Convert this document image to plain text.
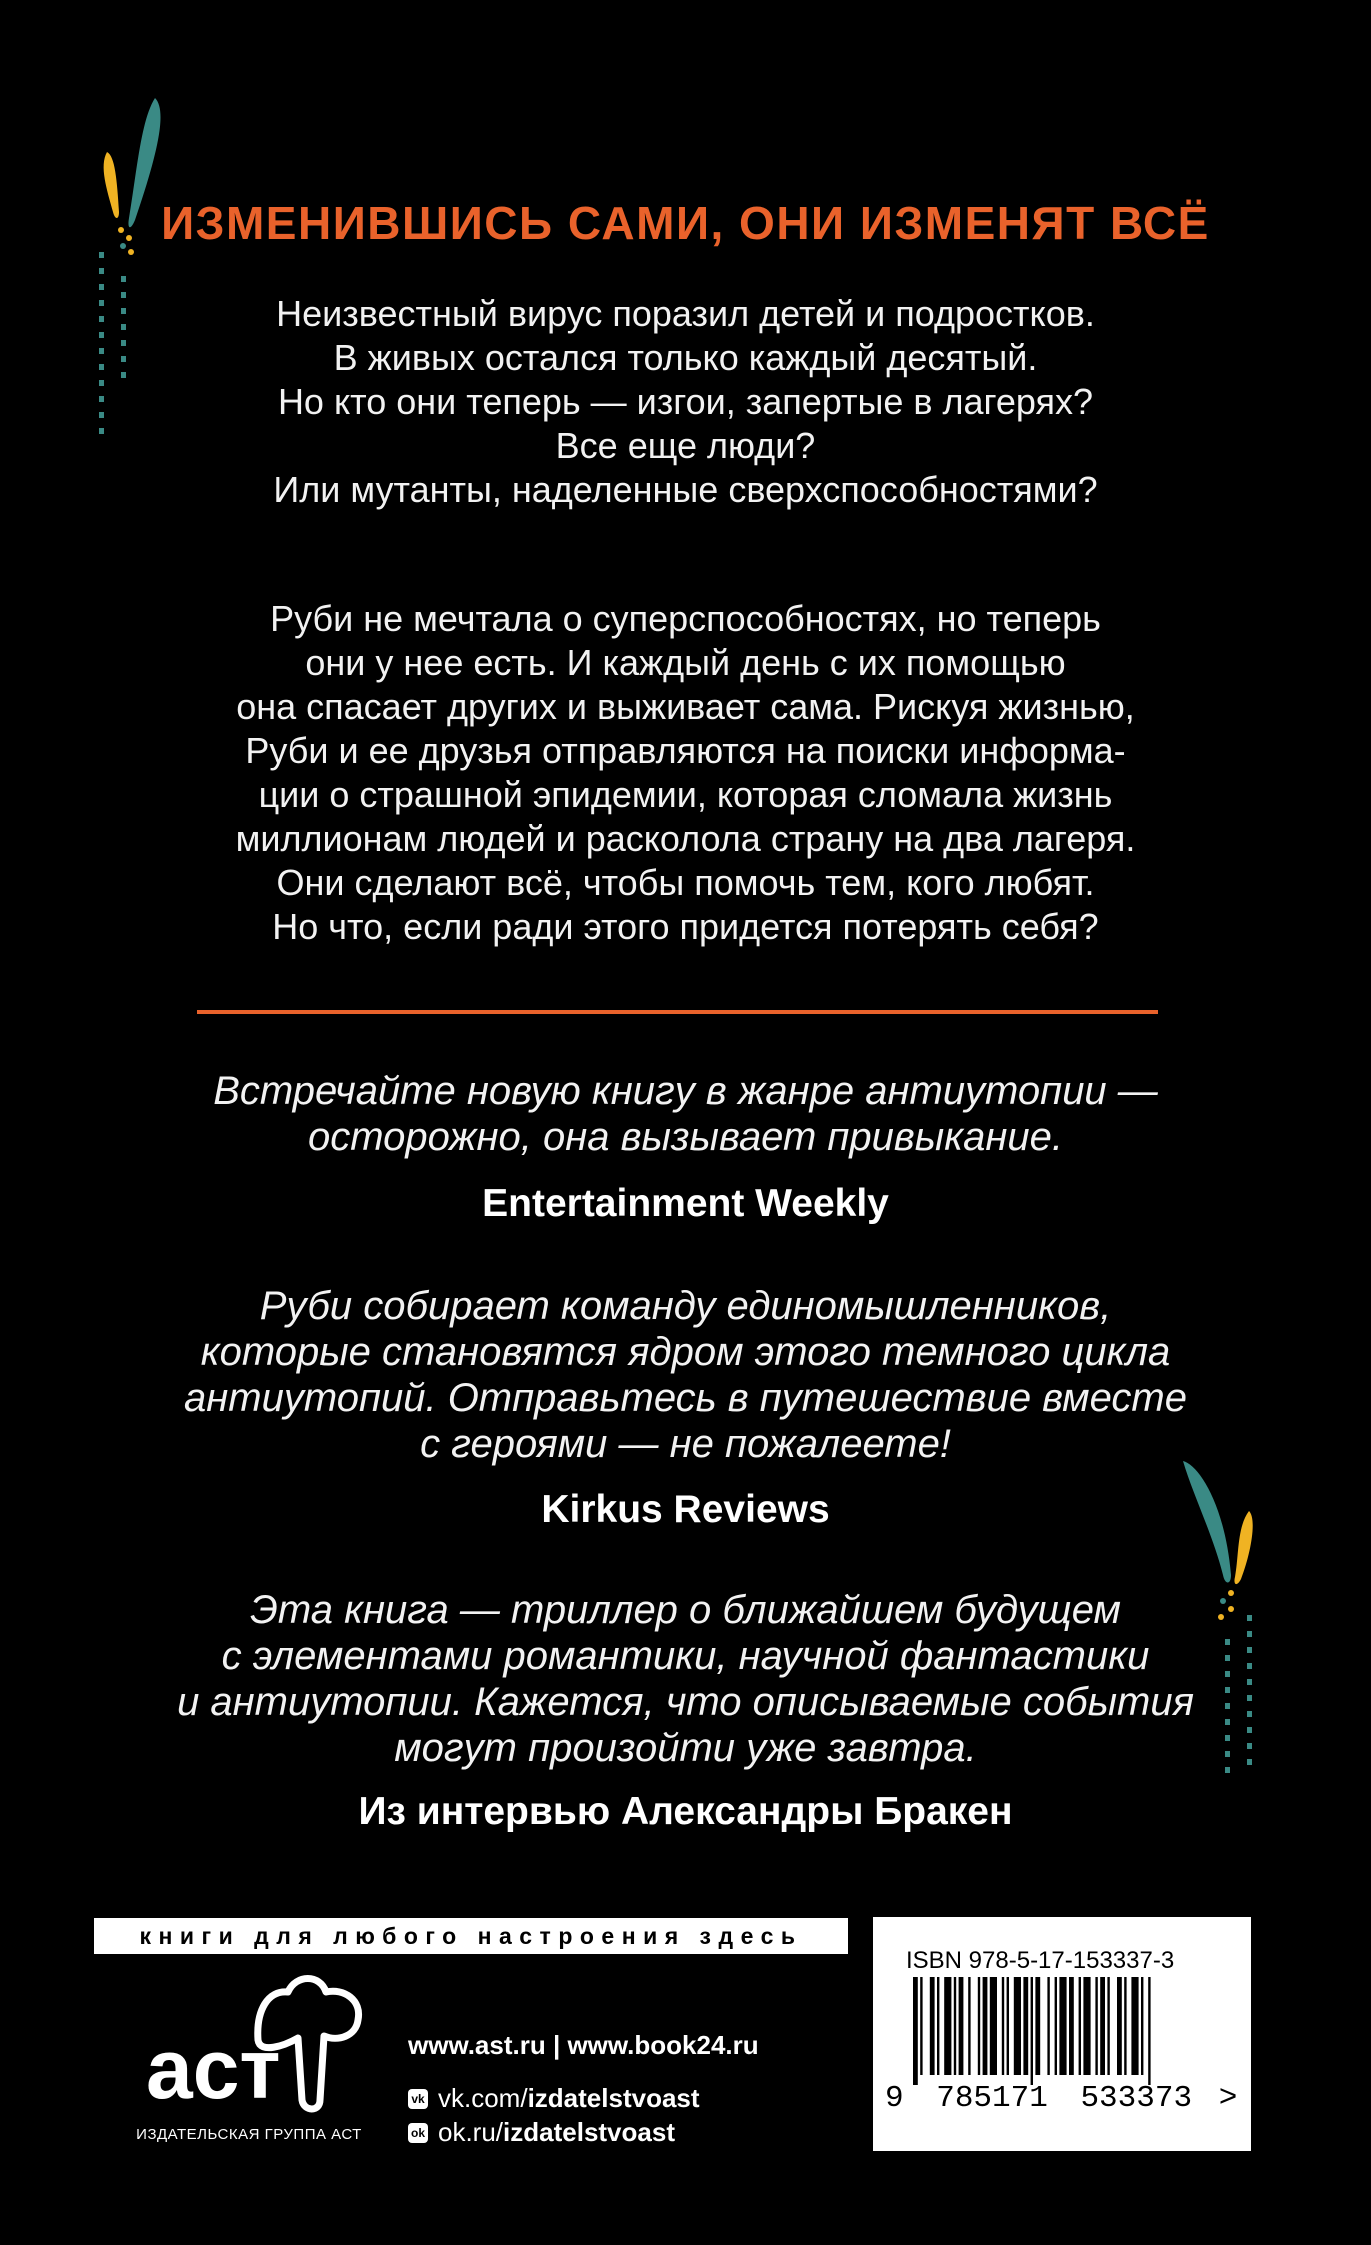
ИЗМЕНИВШИСЬ САМИ, ОНИ ИЗМЕНЯТ ВСЁ
Неизвестный вирус поразил детей и подростков.
В живых остался только каждый десятый.
Но кто они теперь — изгои, запертые в лагерях?
Все еще люди?
Или мутанты, наделенные сверхспособностями?
Руби не мечтала о суперспособностях, но теперь
они у нее есть. И каждый день с их помощью
она спасает других и выживает сама. Рискуя жизнью,
Руби и ее друзья отправляются на поиски информа-
ции о страшной эпидемии, которая сломала жизнь
миллионам людей и расколола страну на два лагеря.
Они сделают всё, чтобы помочь тем, кого любят.
Но что, если ради этого придется потерять себя?
Встречайте новую книгу в жанре антиутопии —
осторожно, она вызывает привыкание.
Entertainment Weekly
Руби собирает команду единомышленников,
которые становятся ядром этого темного цикла
антиутопий. Отправьтесь в путешествие вместе
с героями — не пожалеете!
Kirkus Reviews
Эта книга — триллер о ближайшем будущем
с элементами романтики, научной фантастики
и антиутопии. Кажется, что описываемые события
могут произойти уже завтра.
Из интервью Александры Бракен
книги для любого настроения здесь
аст
ИЗДАТЕЛЬСКАЯ ГРУППА АСТ
www.ast.ru | www.book24.ru
vk vk.com/ izdatelstvoast
ok ok.ru/ izdatelstvoast
ISBN 978-5-17-153337-3
9 785171 533373 >
